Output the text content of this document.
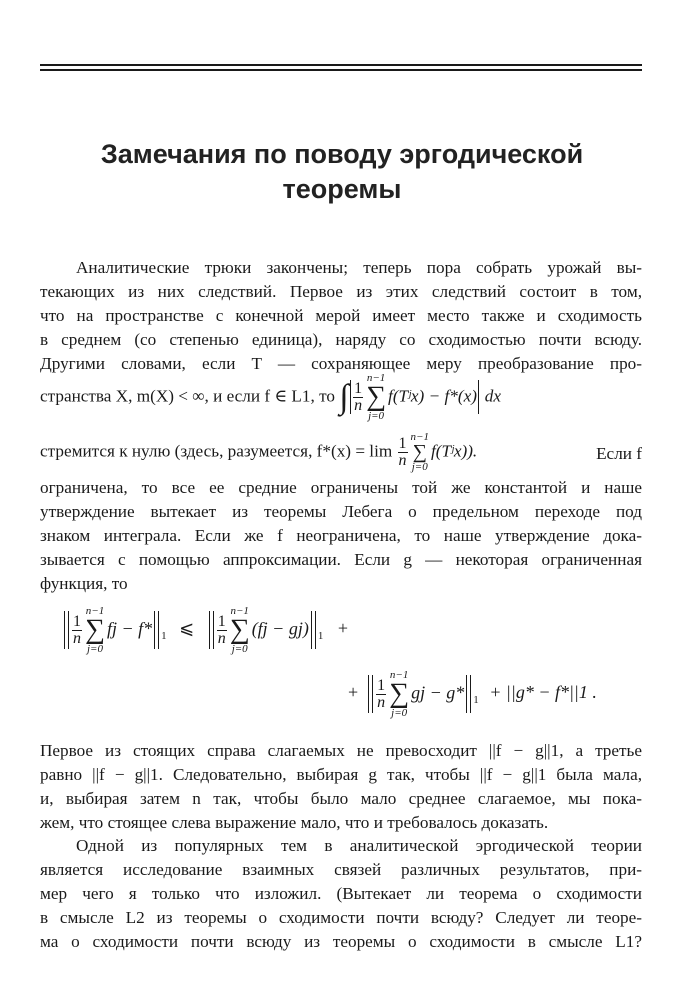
Замечания по поводу эргодической
теоремы
Аналитические трюки закончены; теперь пора собрать урожай вы-
текающих из них следствий. Первое из этих следствий состоит в том,
что на пространстве с конечной мерой имеет место также и сходимость
в среднем (со степенью единица), наряду со сходимостью почти всюду.
Другими словами, если T — сохраняющее меру преобразование про-
странства X, m(X) < ∞, и если f ∈ L1, то ∫ $\frac{1}{n}$
n−1
∑
j=0
f(Tʲx) − f*(x) dx
стремится к нулю (здесь, разумеется, $f*(x) = \lim \frac{1}{n} n-1$
∑
j=0
f(Tʲx)).	Если f
ограничена, то все ее средние ограничены той же константой и наше
утверждение вытекает из теоремы Лебега о предельном переходе под
знаком интеграла. Если же f неограничена, то наше утверждение дока-
зывается с помощью аппроксимации. Если g — некоторая ограниченная
функция, то
$\frac{1}{n}$
n−1
∑
j=0
fj − f* $_1$ ⩽ $\frac{1}{n}$
n−1
∑
j=0
(fj − gj) $_1$ +
+ $\frac{1}{n}$
n−1
∑
j=0
gj − g* $_1$ + ||g* − f*||1 .
Первое из стоящих справа слагаемых не превосходит ||f − g||1, а третье
равно ||f − g||1. Следовательно, выбирая g так, чтобы ||f − g||1 была мала,
и, выбирая затем n так, чтобы было мало среднее слагаемое, мы пока-
жем, что стоящее слева выражение мало, что и требовалось доказать.
Одной из популярных тем в аналитической эргодической теории
является исследование взаимных связей различных результатов, при-
мер чего я только что изложил. (Вытекает ли теорема о сходимости
в смысле L2 из теоремы о сходимости почти всюду? Следует ли теоре-
ма о сходимости почти всюду из теоремы о сходимости в смысле L1?
